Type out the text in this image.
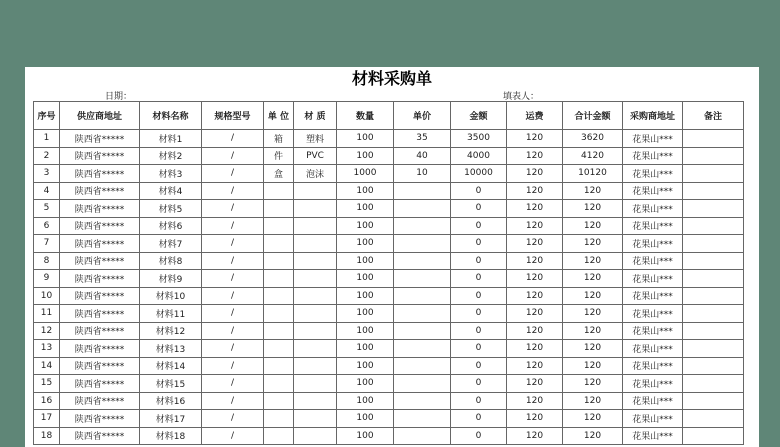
材料采购单
日期：	填表人：
序号	供应商地址	材料名称	规格型号	单 位	材 质	数量	单价	金额	运费	合计金额	采购商地址	备注
1	陕西省*****	材料1	/	箱	塑料	100	35	3500	120	3620	花果山***	
2	陕西省*****	材料2	/	件	PVC	100	40	4000	120	4120	花果山***	
3	陕西省*****	材料3	/	盒	泡沫	1000	10	10000	120	10120	花果山***	
4	陕西省*****	材料4	/			100		0	120	120	花果山***	
5	陕西省*****	材料5	/			100		0	120	120	花果山***	
6	陕西省*****	材料6	/			100		0	120	120	花果山***	
7	陕西省*****	材料7	/			100		0	120	120	花果山***	
8	陕西省*****	材料8	/			100		0	120	120	花果山***	
9	陕西省*****	材料9	/			100		0	120	120	花果山***	
10	陕西省*****	材料10	/			100		0	120	120	花果山***	
11	陕西省*****	材料11	/			100		0	120	120	花果山***	
12	陕西省*****	材料12	/			100		0	120	120	花果山***	
13	陕西省*****	材料13	/			100		0	120	120	花果山***	
14	陕西省*****	材料14	/			100		0	120	120	花果山***	
15	陕西省*****	材料15	/			100		0	120	120	花果山***	
16	陕西省*****	材料16	/			100		0	120	120	花果山***	
17	陕西省*****	材料17	/			100		0	120	120	花果山***	
18	陕西省*****	材料18	/			100		0	120	120	花果山***	
